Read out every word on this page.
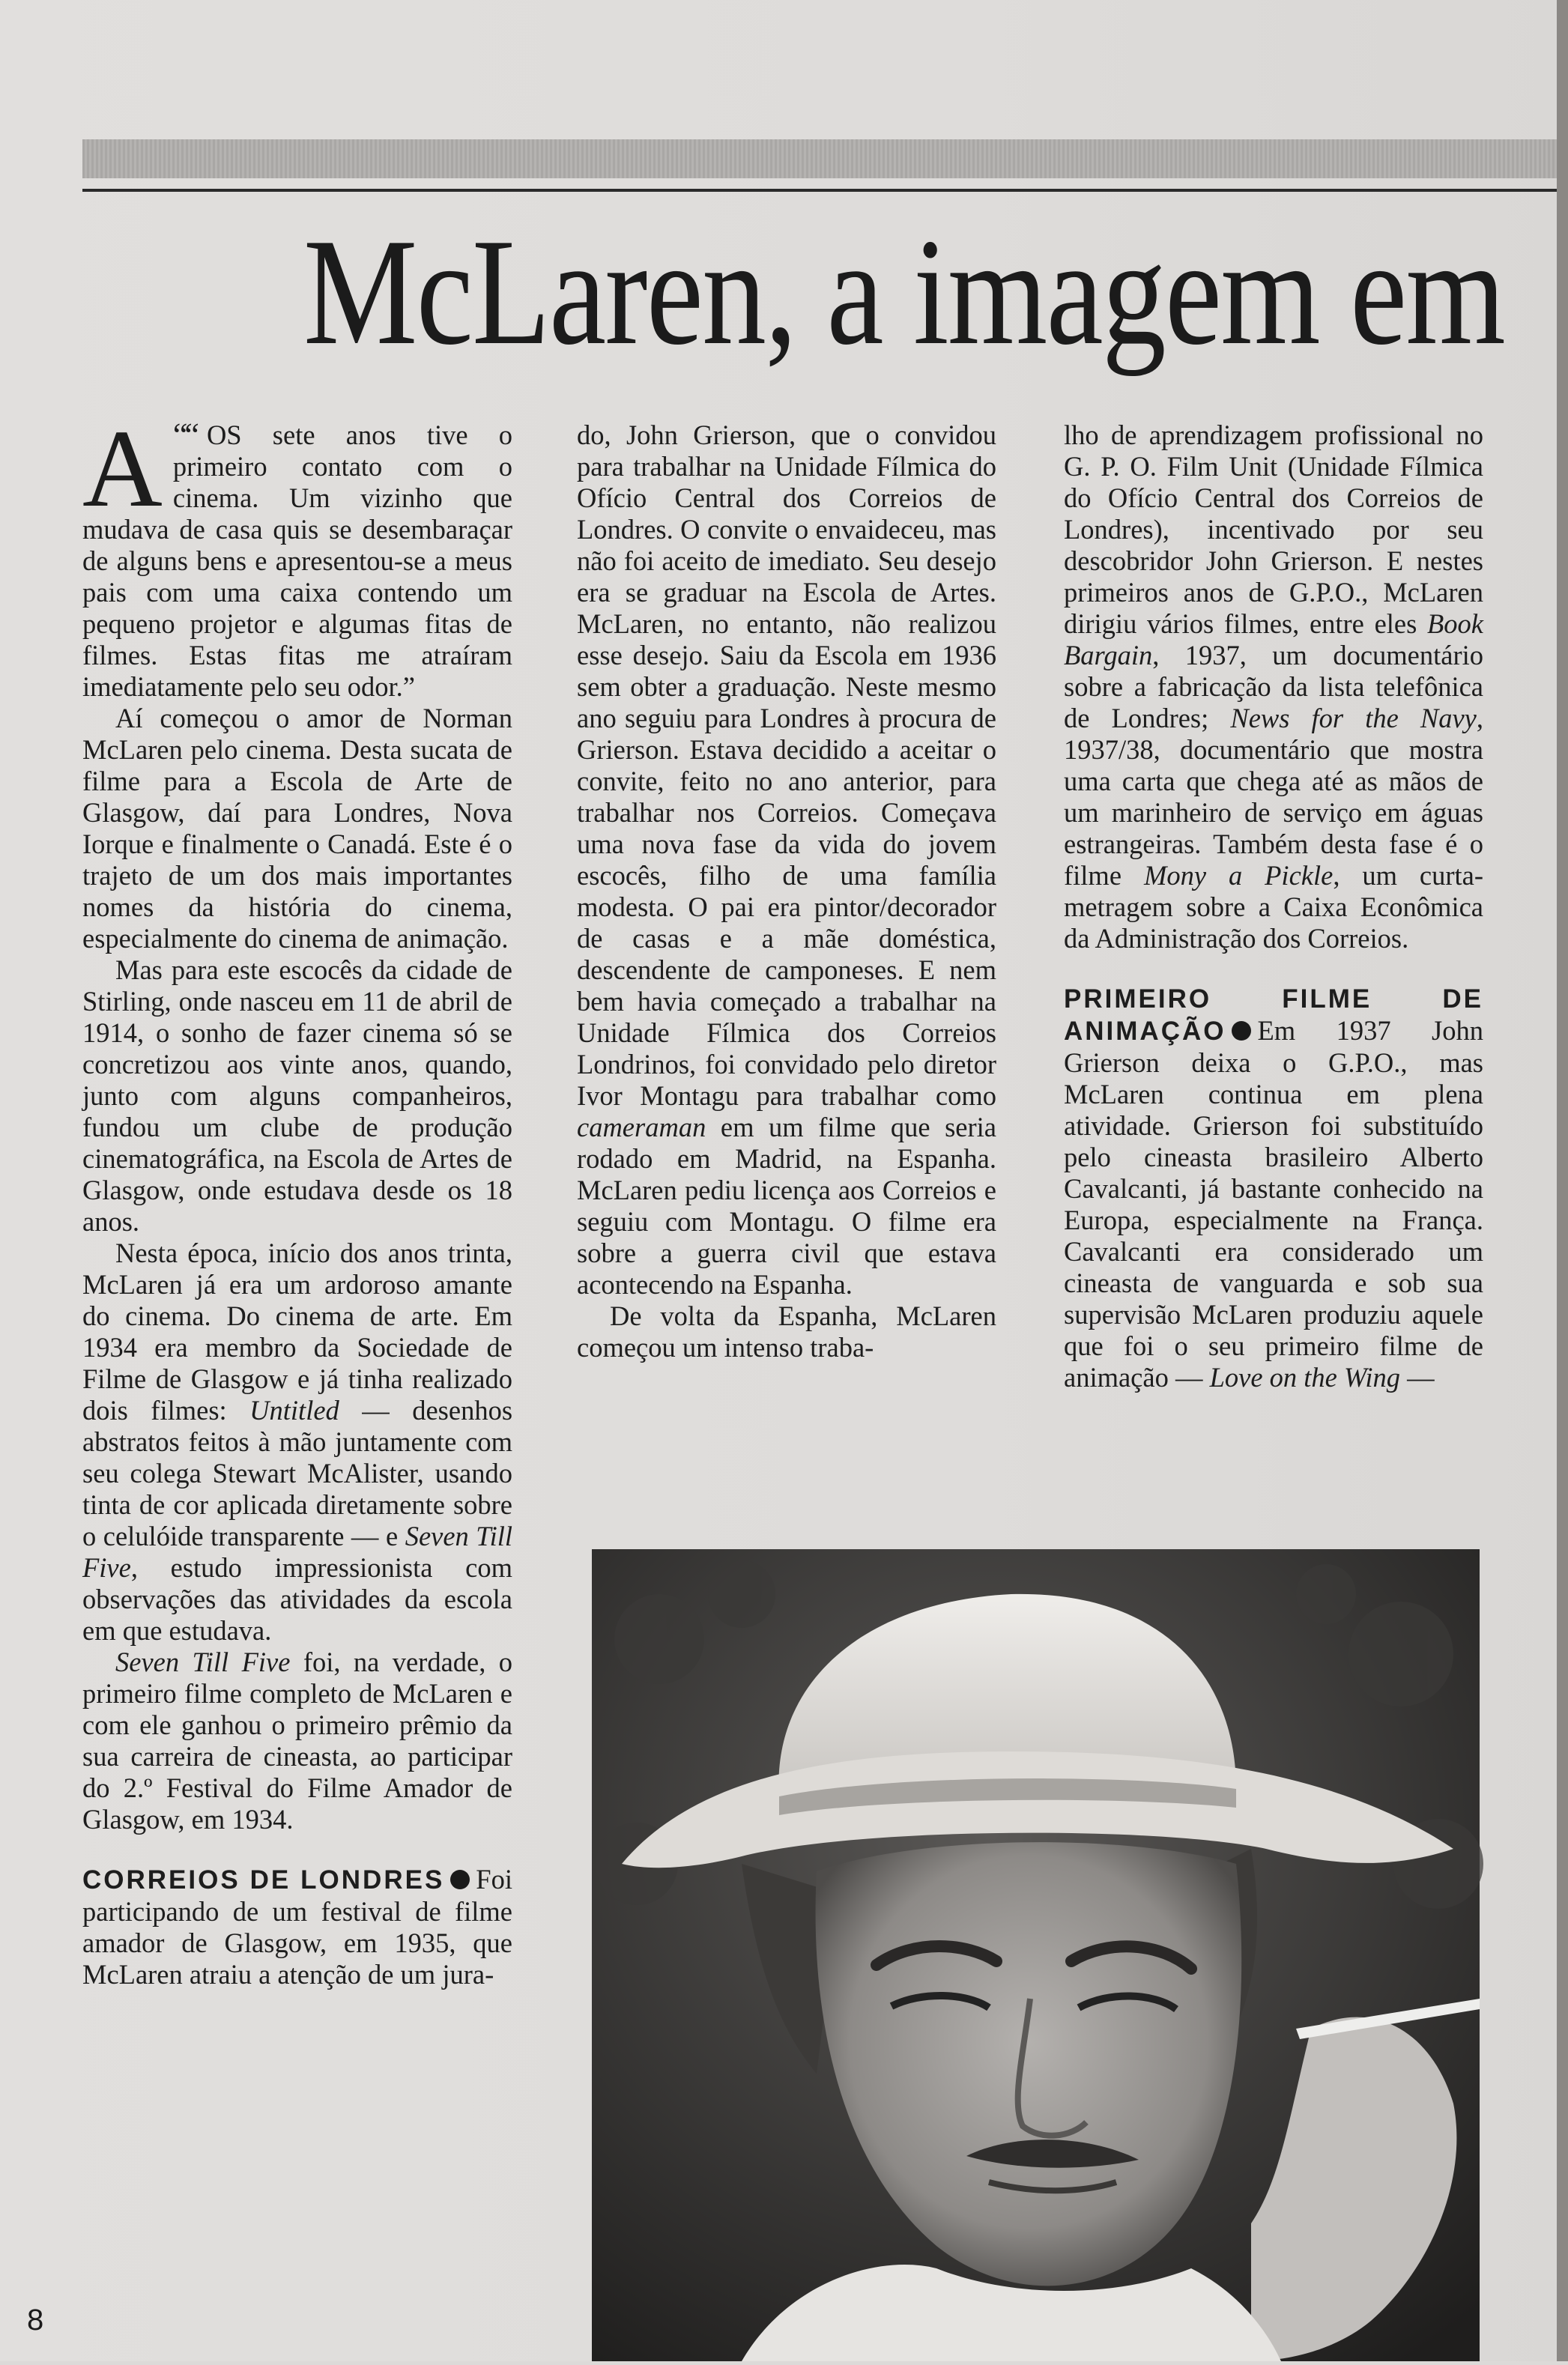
McLaren, a imagem em

““
A OS sete anos tive o primeiro contato com o cinema. Um vizinho que mudava de casa quis se desembaraçar de alguns bens e apresentou-se a meus pais com uma caixa contendo um pequeno projetor e algumas fitas de filmes. Estas fitas me atraíram imediatamente pelo seu odor.”

Aí começou o amor de Norman McLaren pelo cinema. Desta sucata de filme para a Escola de Arte de Glasgow, daí para Londres, Nova Iorque e finalmente o Canadá. Este é o trajeto de um dos mais importantes nomes da história do cinema, especialmente do cinema de animação.

Mas para este escocês da cidade de Stirling, onde nasceu em 11 de abril de 1914, o sonho de fazer cinema só se concretizou aos vinte anos, quando, junto com alguns companheiros, fundou um clube de produção cinematográfica, na Escola de Artes de Glasgow, onde estudava desde os 18 anos.

Nesta época, início dos anos trinta, McLaren já era um ardoroso amante do cinema. Do cinema de arte. Em 1934 era membro da Sociedade de Filme de Glasgow e já tinha realizado dois filmes: Untitled — desenhos abstratos feitos à mão juntamente com seu colega Stewart McAlister, usando tinta de cor aplicada diretamente sobre o celulóide transparente — e Seven Till Five, estudo impressionista com observações das atividades da escola em que estudava.

Seven Till Five foi, na verdade, o primeiro filme completo de McLaren e com ele ganhou o primeiro prêmio da sua carreira de cineasta, ao participar do 2.º Festival do Filme Amador de Glasgow, em 1934.

CORREIOS DE LONDRES Foi participando de um festival de filme amador de Glasgow, em 1935, que McLaren atraiu a atenção de um jura-

do, John Grierson, que o convidou para trabalhar na Unidade Fílmica do Ofício Central dos Correios de Londres. O convite o envaideceu, mas não foi aceito de imediato. Seu desejo era se graduar na Escola de Artes. McLaren, no entanto, não realizou esse desejo. Saiu da Escola em 1936 sem obter a graduação. Neste mesmo ano seguiu para Londres à procura de Grierson. Estava decidido a aceitar o convite, feito no ano anterior, para trabalhar nos Correios. Começava uma nova fase da vida do jovem escocês, filho de uma família modesta. O pai era pintor/decorador de casas e a mãe doméstica, descendente de camponeses. E nem bem havia começado a trabalhar na Unidade Fílmica dos Correios Londrinos, foi convidado pelo diretor Ivor Montagu para trabalhar como cameraman em um filme que seria rodado em Madrid, na Espanha. McLaren pediu licença aos Correios e seguiu com Montagu. O filme era sobre a guerra civil que estava acontecendo na Espanha.

De volta da Espanha, McLaren começou um intenso traba-

lho de aprendizagem profissional no G. P. O. Film Unit (Unidade Fílmica do Ofício Central dos Correios de Londres), incentivado por seu descobridor John Grierson. E nestes primeiros anos de G.P.O., McLaren dirigiu vários filmes, entre eles Book Bargain, 1937, um documentário sobre a fabricação da lista telefônica de Londres; News for the Navy, 1937/38, documentário que mostra uma carta que chega até as mãos de um marinheiro de serviço em águas estrangeiras. Também desta fase é o filme Mony a Pickle, um curta-metragem sobre a Caixa Econômica da Administração dos Correios.

PRIMEIRO FILME DE ANIMAÇÃO Em 1937 John Grierson deixa o G.P.O., mas McLaren continua em plena atividade. Grierson foi substituído pelo cineasta brasileiro Alberto Cavalcanti, já bastante conhecido na Europa, especialmente na França. Cavalcanti era considerado um cineasta de vanguarda e sob sua supervisão McLaren produziu aquele que foi o seu primeiro filme de animação — Love on the Wing —

8
